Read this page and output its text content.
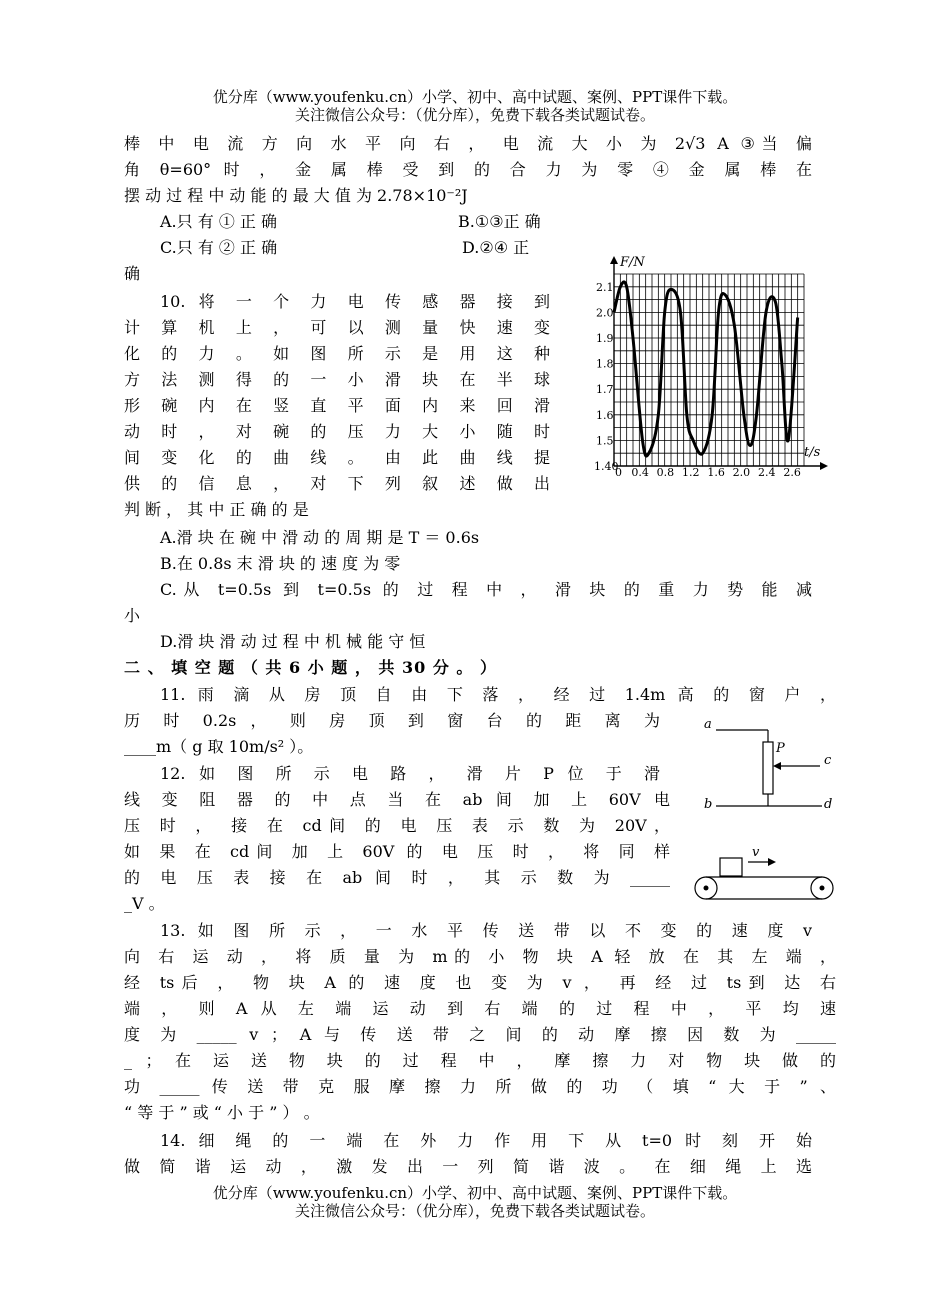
优分库（www.youfenku.cn）小学、初中、高中试题、案例、PPT课件下载。
关注微信公众号：（优分库），免费下载各类试题试卷。
棒 中 电 流 方 向 水 平 向 右 ， 电 流 大 小 为 2√3 A ③当 偏
角 θ=60° 时 ， 金 属 棒 受 到 的 合 力 为 零 ④ 金 属 棒 在
摆 动 过 程 中 动 能 的 最 大 值 为 2.78×10⁻²J
A.只 有 ① 正 确	B.①③正 确
C.只 有 ② 正 确	D.②④ 正
确
10. 将 一 个 力 电 传 感 器 接 到
计 算 机 上 ， 可 以 测 量 快 速 变
化 的 力 。 如 图 所 示 是 用 这 种
方 法 测 得 的 一 小 滑 块 在 半 球
形 碗 内 在 竖 直 平 面 内 来 回 滑
动 时 ， 对 碗 的 压 力 大 小 随 时
间 变 化 的 曲 线 。 由 此 曲 线 提
供 的 信 息 ， 对 下 列 叙 述 做 出
判 断 ， 其 中 正 确 的 是
F/N
t/s
2.1
2.0
1.9
1.8
1.7
1.6
1.5
1.40
0 0.4 0.8 1.2 1.6 2.0 2.4 2.6
A.滑 块 在 碗 中 滑 动 的 周 期 是 T ＝ 0.6s
B.在 0.8s 末 滑 块 的 速 度 为 零
C.从 t=0.5s 到 t=0.5s 的 过 程 中 ， 滑 块 的 重 力 势 能 减
小
D.滑 块 滑 动 过 程 中 机 械 能 守 恒
二 、 填 空 题 （ 共 6 小 题 ， 共 30 分 。 ）
11. 雨 滴 从 房 顶 自 由 下 落 ， 经 过 1.4m 高 的 窗 户 ，
历 时 0.2s ， 则 房 顶 到 窗 台 的 距 离 为
____m（ g 取 10m/s² ）。
a
b
c
d
P
12. 如 图 所 示 电 路 ， 滑 片 P 位 于 滑
线 变 阻 器 的 中 点 当 在 ab 间 加 上 60V 电
压 时 ， 接 在 cd间 的 电 压 表 示 数 为 20V，
如 果 在 cd间 加 上 60V 的 电 压 时 ， 将 同 样
的 电 压 表 接 在 ab 间 时 ， 其 示 数 为 _____
_V 。
v
13. 如 图 所 示 ， 一 水 平 传 送 带 以 不 变 的 速 度 v
向 右 运 动 ， 将 质 量 为 m的 小 物 块 A 轻 放 在 其 左 端 ，
经 ts后 ， 物 块 A 的 速 度 也 变 为 v ， 再 经 过 ts到 达 右
端 ， 则 A 从 左 端 运 动 到 右 端 的 过 程 中 ， 平 均 速
度 为 _____ v ； A 与 传 送 带 之 间 的 动 摩 擦 因 数 为 _____
_ ； 在 运 送 物 块 的 过 程 中 ， 摩 擦 力 对 物 块 做 的
功 _____ 传 送 带 克 服 摩 擦 力 所 做 的 功 （ 填 “ 大 于 ” 、
“ 等 于 ” 或 “ 小 于 ” ） 。
14. 细 绳 的 一 端 在 外 力 作 用 下 从 t=0 时 刻 开 始
做 简 谐 运 动 ， 激 发 出 一 列 简 谐 波 。 在 细 绳 上 选
优分库（www.youfenku.cn）小学、初中、高中试题、案例、PPT课件下载。
关注微信公众号：（优分库），免费下载各类试题试卷。
